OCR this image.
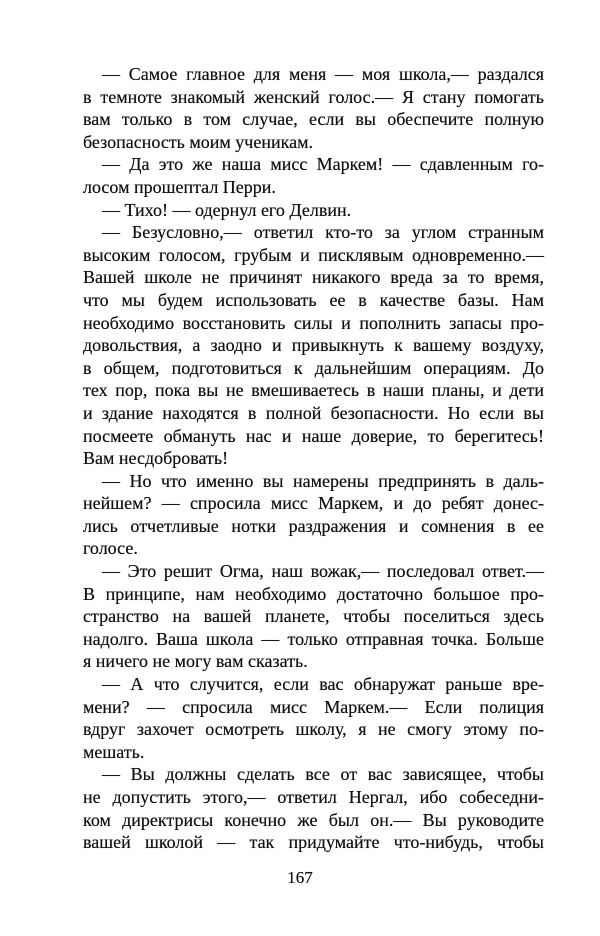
— Самое главное для меня — моя школа,— раздался
в темноте знакомый женский голос.— Я стану помогать
вам только в том случае, если вы обеспечите полную
безопасность моим ученикам.
— Да это же наша мисс Маркем! — сдавленным го-
лосом прошептал Перри.
— Тихо! — одернул его Делвин.
— Безусловно,— ответил кто-то за углом странным
высоким голосом, грубым и писклявым одновременно.—
Вашей школе не причинят никакого вреда за то время,
что мы будем использовать ее в качестве базы. Нам
необходимо восстановить силы и пополнить запасы про-
довольствия, а заодно и привыкнуть к вашему воздуху,
в общем, подготовиться к дальнейшим операциям. До
тех пор, пока вы не вмешиваетесь в наши планы, и дети
и здание находятся в полной безопасности. Но если вы
посмеете обмануть нас и наше доверие, то берегитесь!
Вам несдобровать!
— Но что именно вы намерены предпринять в даль-
нейшем? — спросила мисс Маркем, и до ребят донес-
лись отчетливые нотки раздражения и сомнения в ее
голосе.
— Это решит Огма, наш вожак,— последовал ответ.—
В принципе, нам необходимо достаточно большое про-
странство на вашей планете, чтобы поселиться здесь
надолго. Ваша школа — только отправная точка. Больше
я ничего не могу вам сказать.
— А что случится, если вас обнаружат раньше вре-
мени? — спросила мисс Маркем.— Если полиция
вдруг захочет осмотреть школу, я не смогу этому по-
мешать.
— Вы должны сделать все от вас зависящее, чтобы
не допустить этого,— ответил Нергал, ибо собеседни-
ком директрисы конечно же был он.— Вы руководите
вашей школой — так придумайте что-нибудь, чтобы
167
